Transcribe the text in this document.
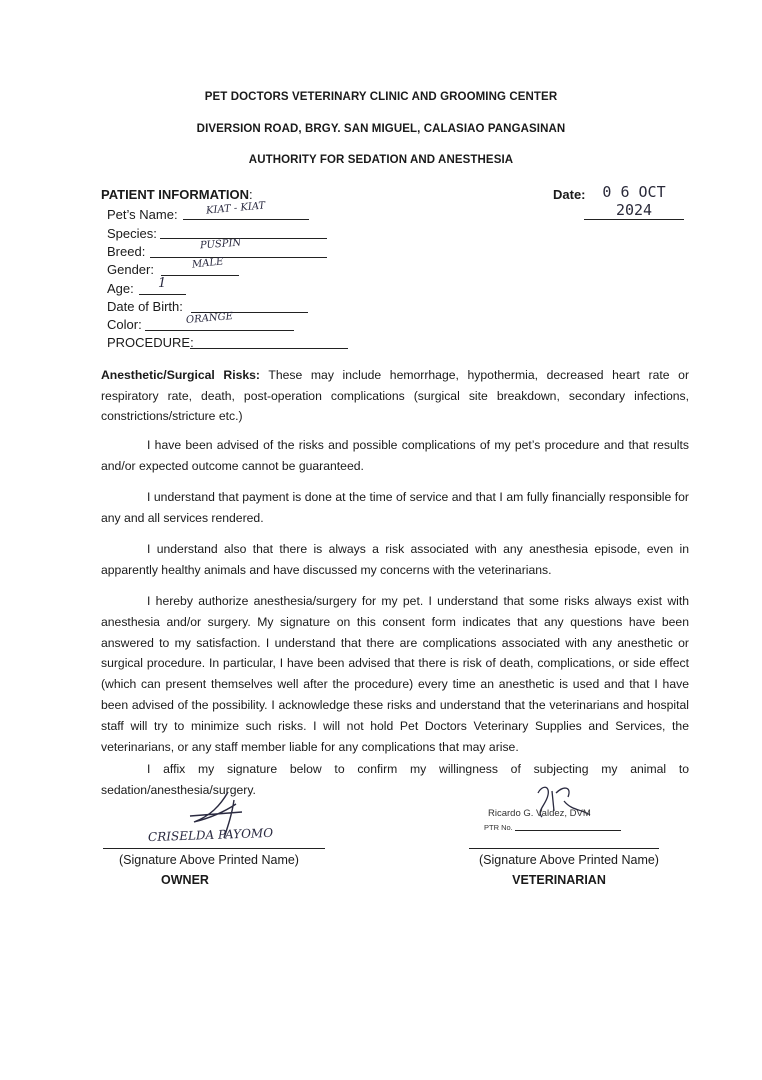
PET DOCTORS VETERINARY CLINIC AND GROOMING CENTER
DIVERSION ROAD, BRGY. SAN MIGUEL, CALASIAO PANGASINAN
AUTHORITY FOR SEDATION AND ANESTHESIA
PATIENT INFORMATION:	Date:	0 6 OCT 2024
Pet’s Name:	KIAT - KIAT
Species:
Breed:	PUSPIN
Gender:	MALE
Age: 1
Date of Birth:
Color:	ORANGE
PROCEDURE:
Anesthetic/Surgical Risks: These may include hemorrhage, hypothermia, decreased heart rate or respiratory rate, death, post-operation complications (surgical site breakdown, secondary infections, constrictions/stricture etc.)
I have been advised of the risks and possible complications of my pet’s procedure and that results and/or expected outcome cannot be guaranteed.
I understand that payment is done at the time of service and that I am fully financially responsible for any and all services rendered.
I understand also that there is always a risk associated with any anesthesia episode, even in apparently healthy animals and have discussed my concerns with the veterinarians.
I hereby authorize anesthesia/surgery for my pet. I understand that some risks always exist with anesthesia and/or surgery. My signature on this consent form indicates that any questions have been answered to my satisfaction. I understand that there are complications associated with any anesthetic or surgical procedure. In particular, I have been advised that there is risk of death, complications, or side effect (which can present themselves well after the procedure) every time an anesthetic is used and that I have been advised of the possibility. I acknowledge these risks and understand that the veterinarians and hospital staff will try to minimize such risks. I will not hold Pet Doctors Veterinary Supplies and Services, the veterinarians, or any staff member liable for any complications that may arise.
I affix my signature below to confirm my willingness of subjecting my animal to sedation/anesthesia/surgery.
CRISELDA PAYOMO
(Signature Above Printed Name)
OWNER
Ricardo G. Valdez, DVM
PTR No.
(Signature Above Printed Name)
VETERINARIAN
